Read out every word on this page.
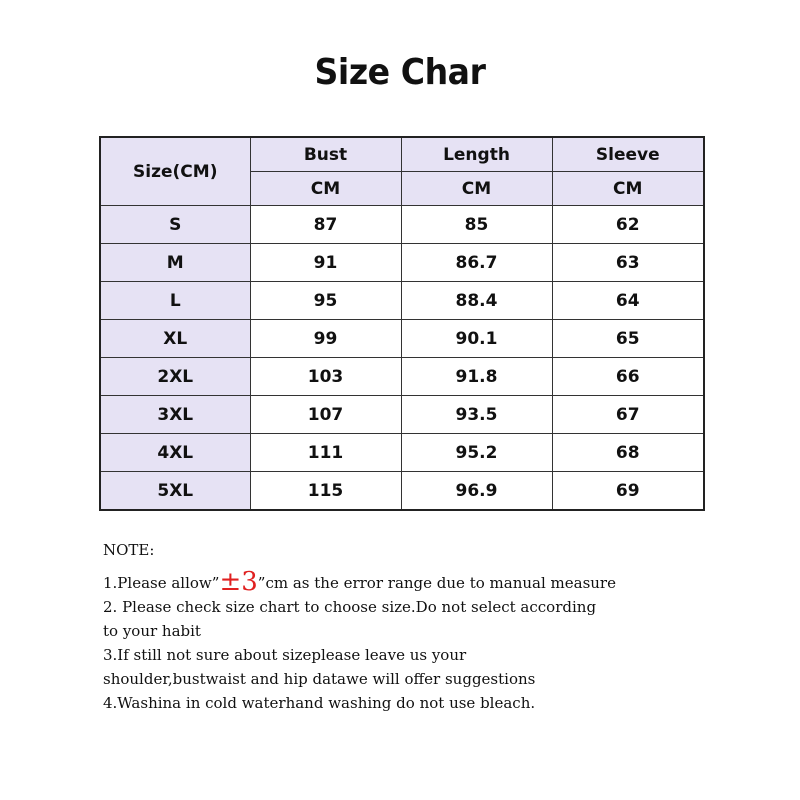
Size Char
Size(CM)	Bust	Length	Sleeve
	CM	CM	CM
S	87	85	62
M	91	86.7	63
L	95	88.4	64
XL	99	90.1	65
2XL	103	91.8	66
3XL	107	93.5	67
4XL	111	95.2	68
5XL	115	96.9	69
NOTE:
1.Please allow”±3”cm as the error range due to manual measure
2. Please check size chart to choose size.Do not select according
to your habit
3.If still not sure about sizeplease leave us your
shoulder,bustwaist and hip datawe will offer suggestions
4.Washina in cold waterhand washing do not use bleach.
